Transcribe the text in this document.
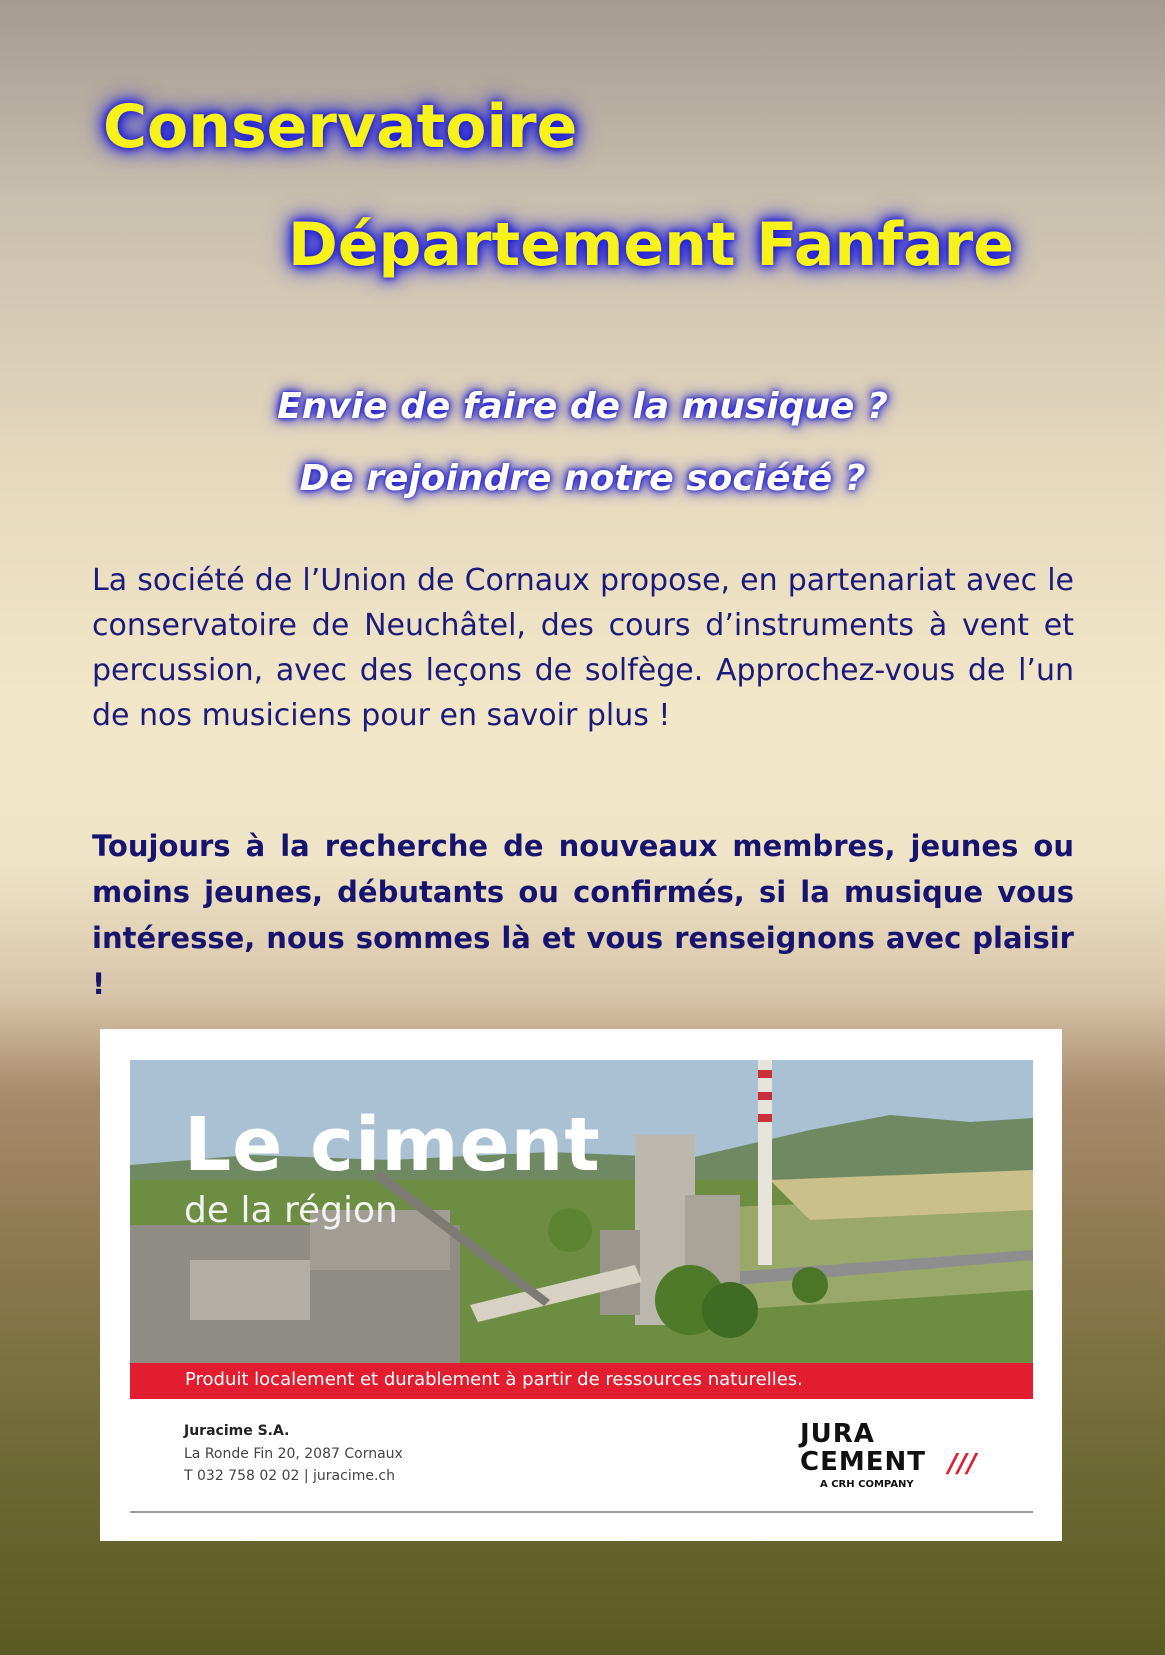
Conservatoire
Département Fanfare
Envie de faire de la musique ?
De rejoindre notre société ?
La société de l’Union de Cornaux propose, en partenariat avec le conservatoire de Neuchâtel, des cours d’instruments à vent et percussion, avec des leçons de solfège. Approchez-vous de l’un de nos musiciens pour en savoir plus !
Toujours à la recherche de nouveaux membres, jeunes ou moins jeunes, débutants ou confirmés, si la musique vous intéresse, nous sommes là et vous renseignons avec plaisir !
Le ciment
de la région
Produit localement et durablement à partir de ressources naturelles.
Juracime S.A.
La Ronde Fin 20, 2087 Cornaux
T 032 758 02 02 | juracime.ch
JURA
CEMENT ///
A CRH COMPANY
